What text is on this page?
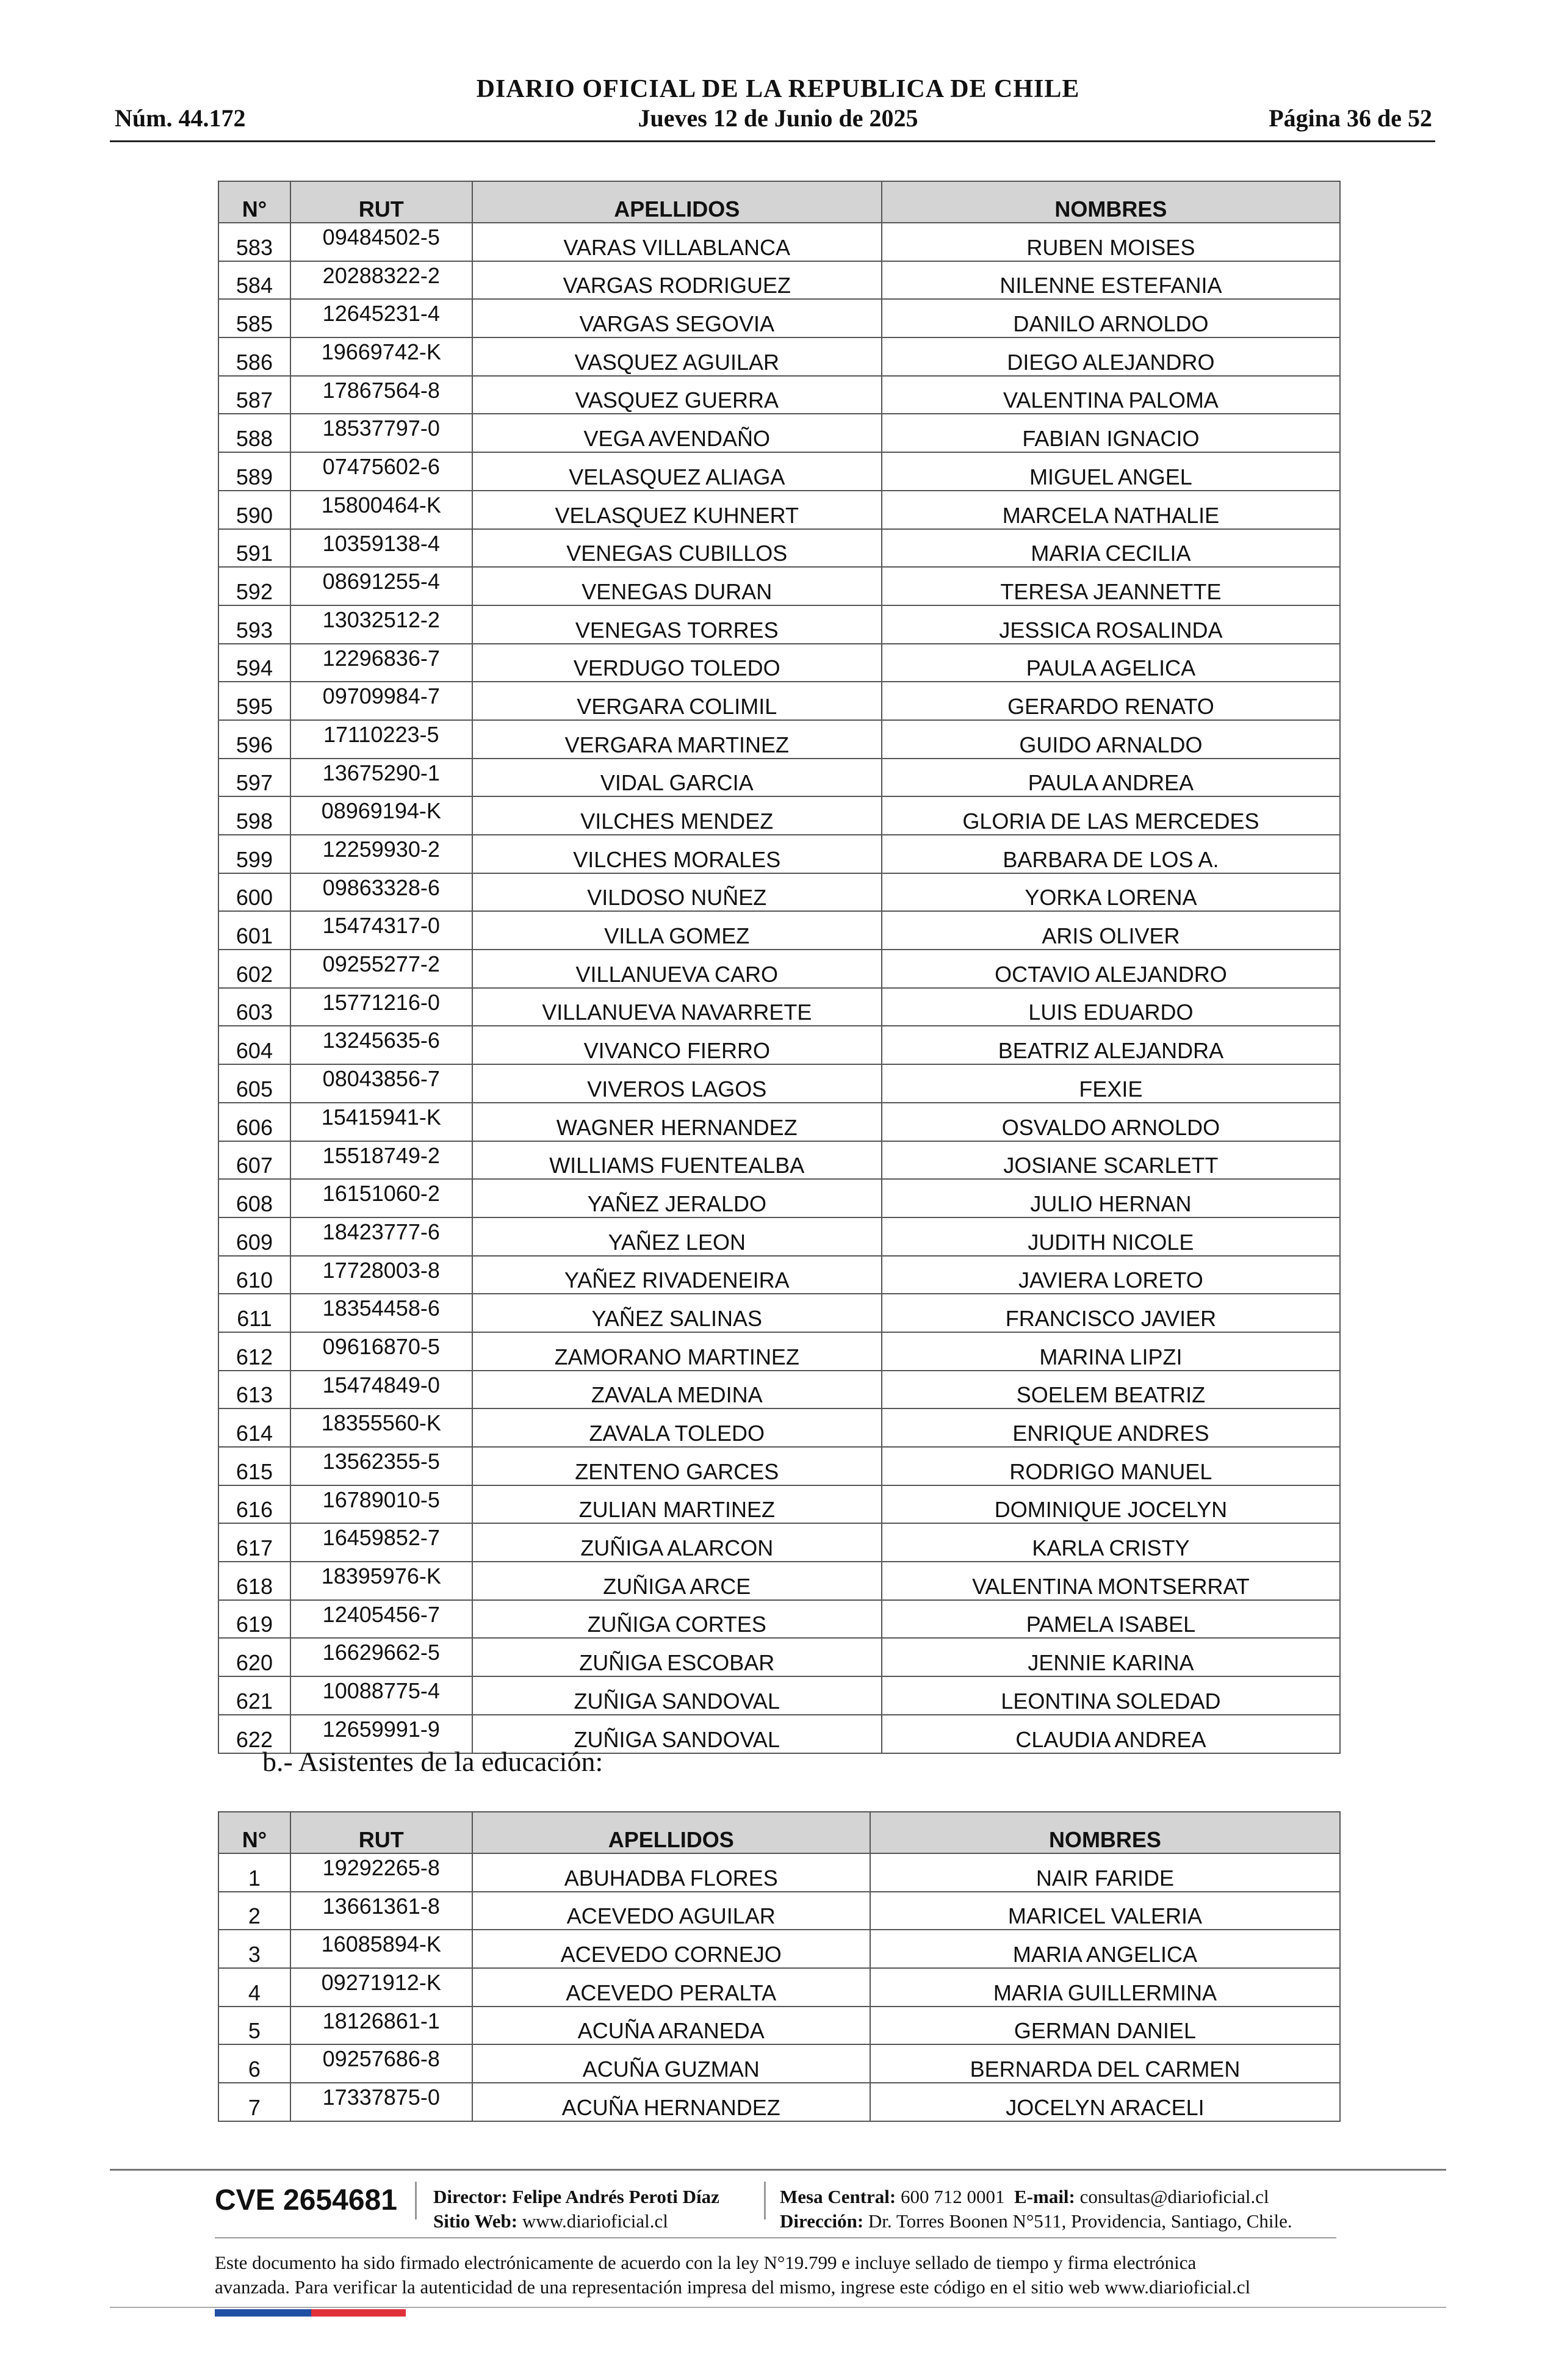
DIARIO OFICIAL DE LA REPUBLICA DE CHILE
Núm. 44.172	Jueves 12 de Junio de 2025	Página 36 de 52
N°	RUT	APELLIDOS	NOMBRES
583	09484502-5	VARAS VILLABLANCA	RUBEN MOISES
584	20288322-2	VARGAS RODRIGUEZ	NILENNE ESTEFANIA
585	12645231-4	VARGAS SEGOVIA	DANILO ARNOLDO
586	19669742-K	VASQUEZ AGUILAR	DIEGO ALEJANDRO
587	17867564-8	VASQUEZ GUERRA	VALENTINA PALOMA
588	18537797-0	VEGA AVENDAÑO	FABIAN IGNACIO
589	07475602-6	VELASQUEZ ALIAGA	MIGUEL ANGEL
590	15800464-K	VELASQUEZ KUHNERT	MARCELA NATHALIE
591	10359138-4	VENEGAS CUBILLOS	MARIA CECILIA
592	08691255-4	VENEGAS DURAN	TERESA JEANNETTE
593	13032512-2	VENEGAS TORRES	JESSICA ROSALINDA
594	12296836-7	VERDUGO TOLEDO	PAULA AGELICA
595	09709984-7	VERGARA COLIMIL	GERARDO RENATO
596	17110223-5	VERGARA MARTINEZ	GUIDO ARNALDO
597	13675290-1	VIDAL GARCIA	PAULA ANDREA
598	08969194-K	VILCHES MENDEZ	GLORIA DE LAS MERCEDES
599	12259930-2	VILCHES MORALES	BARBARA DE LOS A.
600	09863328-6	VILDOSO NUÑEZ	YORKA LORENA
601	15474317-0	VILLA GOMEZ	ARIS OLIVER
602	09255277-2	VILLANUEVA CARO	OCTAVIO ALEJANDRO
603	15771216-0	VILLANUEVA NAVARRETE	LUIS EDUARDO
604	13245635-6	VIVANCO FIERRO	BEATRIZ ALEJANDRA
605	08043856-7	VIVEROS LAGOS	FEXIE
606	15415941-K	WAGNER HERNANDEZ	OSVALDO ARNOLDO
607	15518749-2	WILLIAMS FUENTEALBA	JOSIANE SCARLETT
608	16151060-2	YAÑEZ JERALDO	JULIO HERNAN
609	18423777-6	YAÑEZ LEON	JUDITH NICOLE
610	17728003-8	YAÑEZ RIVADENEIRA	JAVIERA LORETO
611	18354458-6	YAÑEZ SALINAS	FRANCISCO JAVIER
612	09616870-5	ZAMORANO MARTINEZ	MARINA LIPZI
613	15474849-0	ZAVALA MEDINA	SOELEM BEATRIZ
614	18355560-K	ZAVALA TOLEDO	ENRIQUE ANDRES
615	13562355-5	ZENTENO GARCES	RODRIGO MANUEL
616	16789010-5	ZULIAN MARTINEZ	DOMINIQUE JOCELYN
617	16459852-7	ZUÑIGA ALARCON	KARLA CRISTY
618	18395976-K	ZUÑIGA ARCE	VALENTINA MONTSERRAT
619	12405456-7	ZUÑIGA CORTES	PAMELA ISABEL
620	16629662-5	ZUÑIGA ESCOBAR	JENNIE KARINA
621	10088775-4	ZUÑIGA SANDOVAL	LEONTINA SOLEDAD
622	12659991-9	ZUÑIGA SANDOVAL	CLAUDIA ANDREA
b.- Asistentes de la educación:
N°	RUT	APELLIDOS	NOMBRES
1	19292265-8	ABUHADBA FLORES	NAIR FARIDE
2	13661361-8	ACEVEDO AGUILAR	MARICEL VALERIA
3	16085894-K	ACEVEDO CORNEJO	MARIA ANGELICA
4	09271912-K	ACEVEDO PERALTA	MARIA GUILLERMINA
5	18126861-1	ACUÑA ARANEDA	GERMAN DANIEL
6	09257686-8	ACUÑA GUZMAN	BERNARDA DEL CARMEN
7	17337875-0	ACUÑA HERNANDEZ	JOCELYN ARACELI
CVE 2654681 Director: Felipe Andrés Peroti Díaz
Sitio Web: www.diarioficial.cl
Mesa Central: 600 712 0001 E-mail: consultas@diarioficial.cl
Dirección: Dr. Torres Boonen N°511, Providencia, Santiago, Chile.
Este documento ha sido firmado electrónicamente de acuerdo con la ley N°19.799 e incluye sellado de tiempo y firma electrónica
avanzada. Para verificar la autenticidad de una representación impresa del mismo, ingrese este código en el sitio web www.diarioficial.cl
